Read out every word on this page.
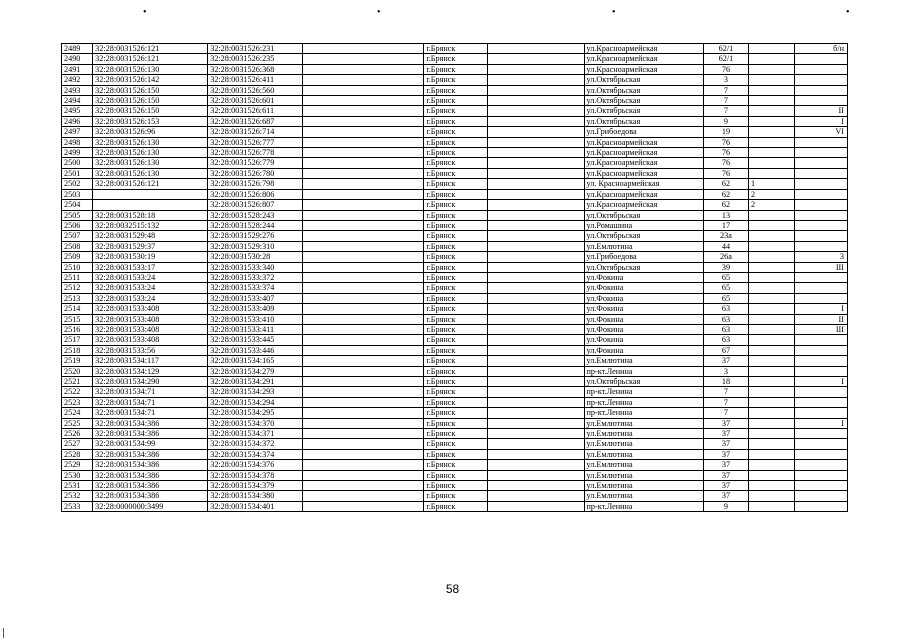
•	•	•	•
2489	32:28:0031526:121	32:28:0031526:231		г.Брянск		ул.Красноармейская	62/1		б/н
2490	32:28:0031526:121	32:28:0031526:235		г.Брянск		ул.Красноармейская	62/1		
2491	32:28:0031526:130	32:28:0031526:368		г.Брянск		ул.Красноармейская	76		
2492	32:28:0031526:142	32:28:0031526:411		г.Брянск		ул.Октябрьская	3		
2493	32:28:0031526:150	32:28:0031526:560		г.Брянск		ул.Октябрьская	7		
2494	32:28:0031526:150	32:28:0031526:601		г.Брянск		ул.Октябрьская	7		
2495	32:28:0031526:150	32:28:0031526:611		г.Брянск		ул.Октябрьская	7		II
2496	32:28:0031526:153	32:28:0031526:687		г.Брянск		ул.Октябрьская	9		I
2497	32:28:0031526:96	32:28:0031526:714		г.Брянск		ул.Грибоедова	19		VI
2498	32:28:0031526:130	32:28:0031526:777		г.Брянск		ул.Красноармейская	76		
2499	32:28:0031526:130	32:28:0031526:778		г.Брянск		ул.Красноармейская	76		
2500	32:28:0031526:130	32:28:0031526:779		г.Брянск		ул.Красноармейская	76		
2501	32:28:0031526:130	32:28:0031526:780		г.Брянск		ул.Красноармейская	76		
2502	32:28:0031526:121	32:28:0031526:798		г.Брянск		ул. Красноармейская	62	1	
2503		32:28:0031526:806		г.Брянск		ул.Красноармейская	62	2	
2504		32:28:0031526:807		г.Брянск		ул.Красноармейская	62	2	
2505	32:28:0031528:18	32:28:0031528:243		г.Брянск		ул.Октябрьская	13		
2506	32:28:0032515:132	32:28:0031528:244		г.Брянск		ул.Ромашина	17		
2507	32:28:0031529:48	32:28:0031529:276		г.Брянск		ул.Октябрьская	23а		
2508	32:28:0031529:37	32:28:0031529:310		г.Брянск		ул.Емлютина	44		
2509	32:28:0031530:19	32:28:0031530:28		г.Брянск		ул.Грибоедова	26а		3
2510	32:28:0031533:17	32:28:0031533:340		г.Брянск		ул.Октябрьская	39		III
2511	32:28:0031533:24	32:28:0031533:372		г.Брянск		ул.Фокина	65		
2512	32:28:0031533:24	32:28:0031533:374		г.Брянск		ул.Фокина	65		
2513	32:28:0031533:24	32:28:0031533:407		г.Брянск		ул.Фокина	65		
2514	32:28:0031533:408	32:28:0031533:409		г.Брянск		ул.Фокина	63		I
2515	32:28:0031533:408	32:28:0031533:410		г.Брянск		ул.Фокина	63		II
2516	32:28:0031533:408	32:28:0031533:411		г.Брянск		ул.Фокина	63		III
2517	32:28:0031533:408	32:28:0031533:445		г.Брянск		ул.Фокина	63		
2518	32:28:0031533:56	32:28:0031533:446		г.Брянск		ул.Фокина	67		
2519	32:28:0031534:117	32:28:0031534:165		г.Брянск		ул.Емлютина	37		
2520	32:28:0031534:129	32:28:0031534:279		г.Брянск		пр-кт.Ленина	3		
2521	32:28:0031534:290	32:28:0031534:291		г.Брянск		ул.Октябрьская	18		I
2522	32:28:0031534:71	32:28:0031534:293		г.Брянск		пр-кт.Ленина	7		
2523	32:28:0031534:71	32:28:0031534:294		г.Брянск		пр-кт.Ленина	7		
2524	32:28:0031534:71	32:28:0031534:295		г.Брянск		пр-кт.Ленина	7		
2525	32:28:0031534:386	32:28:0031534:370		г.Брянск		ул.Емлютина	37		I
2526	32:28:0031534:386	32:28:0031534:371		г.Брянск		ул.Емлютина	37		
2527	32:28:0031534:99	32:28:0031534:372		г.Брянск		ул.Емлютина	37		
2528	32:28:0031534:386	32:28:0031534:374		г.Брянск		ул.Емлютина	37		
2529	32:28:0031534:386	32:28:0031534:376		г.Брянск		ул.Емлютина	37		
2530	32:28:0031534:386	32:28:0031534:378		г.Брянск		ул.Емлютина	37		
2531	32:28:0031534:386	32:28:0031534:379		г.Брянск		ул.Емлютина	37		
2532	32:28:0031534:386	32:28:0031534:380		г.Брянск		ул.Емлютина	37		
2533	32:28:0000000:3499	32:28:0031534:401		г.Брянск		пр-кт.Ленина	9		
58
